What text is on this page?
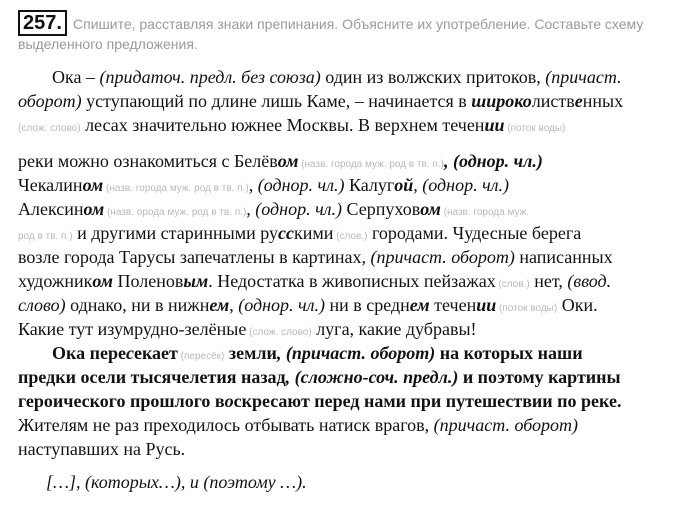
257. Спишите, расставляя знаки препинания. Объясните их употребление. Составьте схему выделенного предложения.
Ока – (придаточ. предл. без союза) один из волжских притоков, (причаст.
оборот) уступающий по длине лишь Каме, – начинается в широколиственных
(слож. слово) лесах значительно южнее Москвы. В верхнем течении (поток воды)
реки можно ознакомиться с Белёвом (назв. города муж. род в тв. п.), (однор. чл.)
Чекалином (назв. города муж. род в тв. п.), (однор. чл.) Калугой, (однор. чл.)
Алексином (назв. орода муж. род в тв. п.), (однор. чл.) Серпуховом (назв. города муж.
род в тв. п.) и другими старинными русскими (слов.) городами. Чудесные берега
возле города Тарусы запечатлены в картинах, (причаст. оборот) написанных
художником Поленовым. Недостатка в живописных пейзажах (слов.) нет, (ввод.
слово) однако, ни в нижнем, (однор. чл.) ни в среднем течении (поток воды) Оки.
Какие тут изумрудно-зелёные (слож. слово) луга, какие дубравы!
Ока пересекает (пересёк) земли, (причаст. оборот) на которых наши
предки осели тысячелетия назад, (сложно-соч. предл.) и поэтому картины
героического прошлого воскресают перед нами при путешествии по реке.
Жителям не раз преходилось отбывать натиск врагов, (причаст. оборот)
наступавших на Русь.
[…], (которых…), и (поэтому …).
